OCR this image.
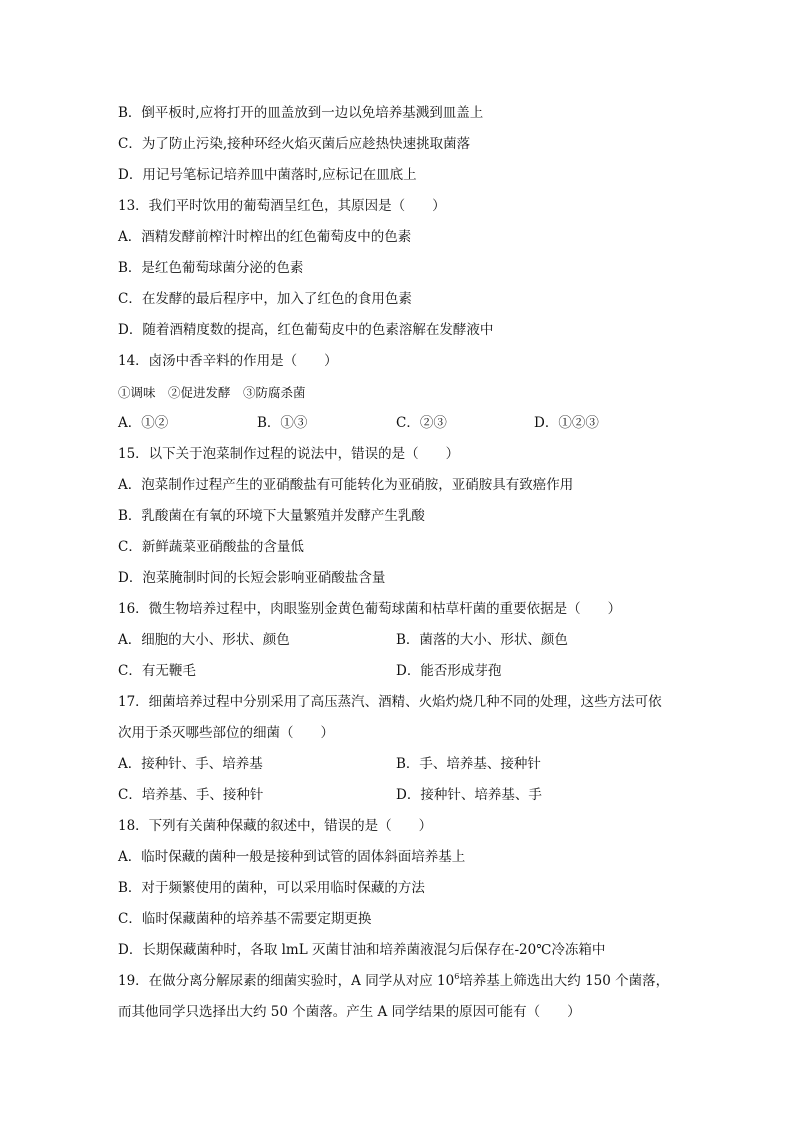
B．倒平板时,应将打开的皿盖放到一边以免培养基溅到皿盖上
C．为了防止污染,接种环经火焰灭菌后应趁热快速挑取菌落
D．用记号笔标记培养皿中菌落时,应标记在皿底上
13．我们平时饮用的葡萄酒呈红色，其原因是（　　）
A．酒精发酵前榨汁时榨出的红色葡萄皮中的色素
B．是红色葡萄球菌分泌的色素
C．在发酵的最后程序中，加入了红色的食用色素
D．随着酒精度数的提高，红色葡萄皮中的色素溶解在发酵液中
14．卤汤中香辛料的作用是（　　）
①调味　②促进发酵　③防腐杀菌
A．①②	B．①③	C．②③	D．①②③
15．以下关于泡菜制作过程的说法中，错误的是（　　）
A．泡菜制作过程产生的亚硝酸盐有可能转化为亚硝胺，亚硝胺具有致癌作用
B．乳酸菌在有氧的环境下大量繁殖并发酵产生乳酸
C．新鲜蔬菜亚硝酸盐的含量低
D．泡菜腌制时间的长短会影响亚硝酸盐含量
16．微生物培养过程中，肉眼鉴别金黄色葡萄球菌和枯草杆菌的重要依据是（　　）
A．细胞的大小、形状、颜色	B．菌落的大小、形状、颜色
C．有无鞭毛	D．能否形成芽孢
17．细菌培养过程中分别采用了高压蒸汽、酒精、火焰灼烧几种不同的处理，这些方法可依
次用于杀灭哪些部位的细菌（　　）
A．接种针、手、培养基	B．手、培养基、接种针
C．培养基、手、接种针	D．接种针、培养基、手
18．下列有关菌种保藏的叙述中，错误的是（　　）
A．临时保藏的菌种一般是接种到试管的固体斜面培养基上
B．对于频繁使用的菌种，可以采用临时保藏的方法
C．临时保藏菌种的培养基不需要定期更换
D．长期保藏菌种时，各取 lmL 灭菌甘油和培养菌液混匀后保存在-20℃冷冻箱中
19．在做分离分解尿素的细菌实验时，A 同学从对应 $10^6$培养基上筛选出大约 150 个菌落，
而其他同学只选择出大约 50 个菌落。产生 A 同学结果的原因可能有（　　）
